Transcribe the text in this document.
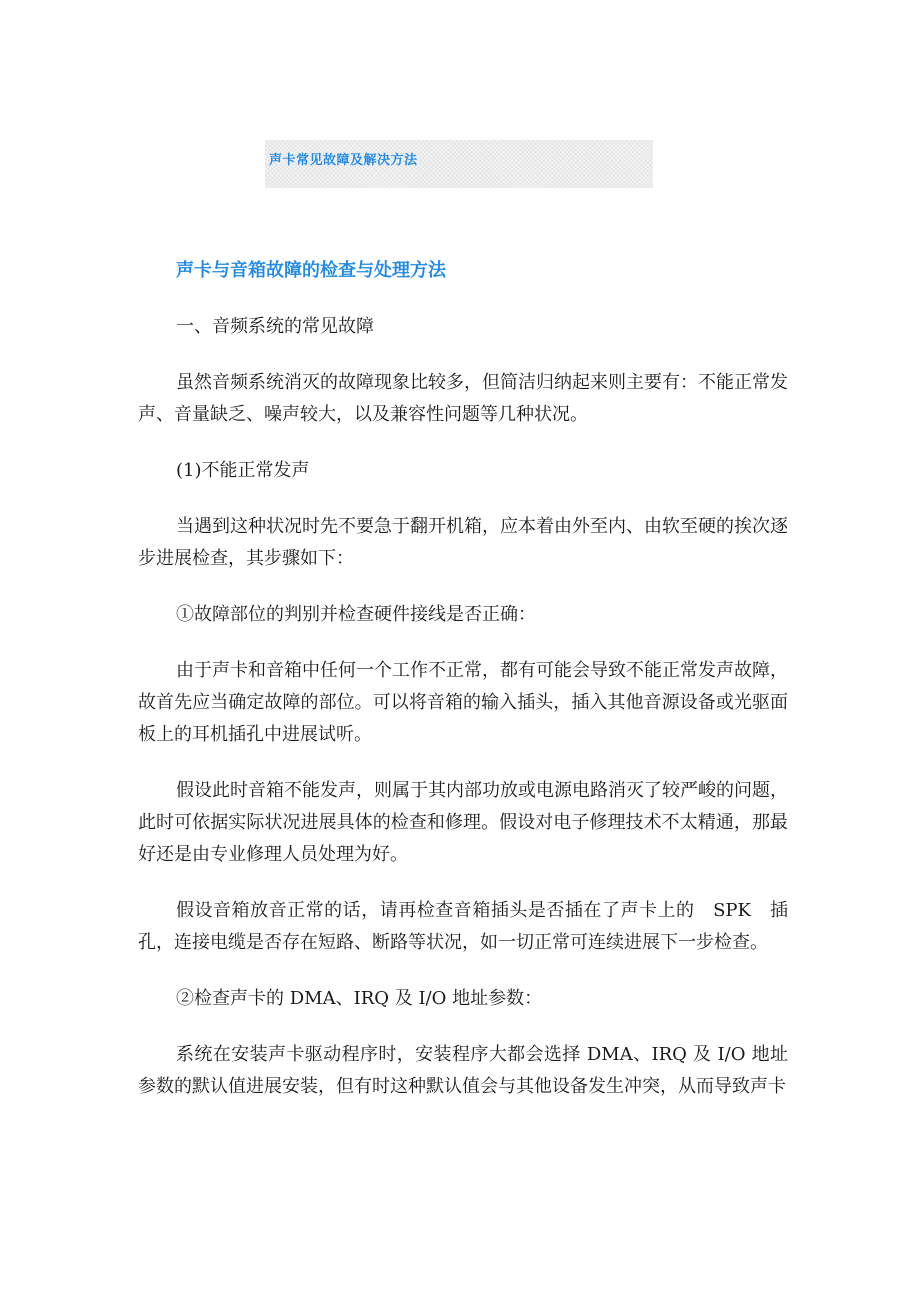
声卡常见故障及解决方法
声卡与音箱故障的检查与处理方法
一、音频系统的常见故障
虽然音频系统消灭的故障现象比较多，但简洁归纳起来则主要有：不能正常发声、音量缺乏、噪声较大，以及兼容性问题等几种状况。
(1)不能正常发声
当遇到这种状况时先不要急于翻开机箱，应本着由外至内、由软至硬的挨次逐步进展检查，其步骤如下：
①故障部位的判别并检查硬件接线是否正确：
由于声卡和音箱中任何一个工作不正常，都有可能会导致不能正常发声故障，故首先应当确定故障的部位。可以将音箱的输入插头，插入其他音源设备或光驱面板上的耳机插孔中进展试听。
假设此时音箱不能发声，则属于其内部功放或电源电路消灭了较严峻的问题，此时可依据实际状况进展具体的检查和修理。假设对电子修理技术不太精通，那最好还是由专业修理人员处理为好。
假设音箱放音正常的话，请再检查音箱插头是否插在了声卡上的　SPK　插孔，连接电缆是否存在短路、断路等状况，如一切正常可连续进展下一步检查。
②检查声卡的 DMA、IRQ 及 I/O 地址参数：
系统在安装声卡驱动程序时，安装程序大都会选择 DMA、IRQ 及 I/O 地址参数的默认值进展安装，但有时这种默认值会与其他设备发生冲突，从而导致声卡
